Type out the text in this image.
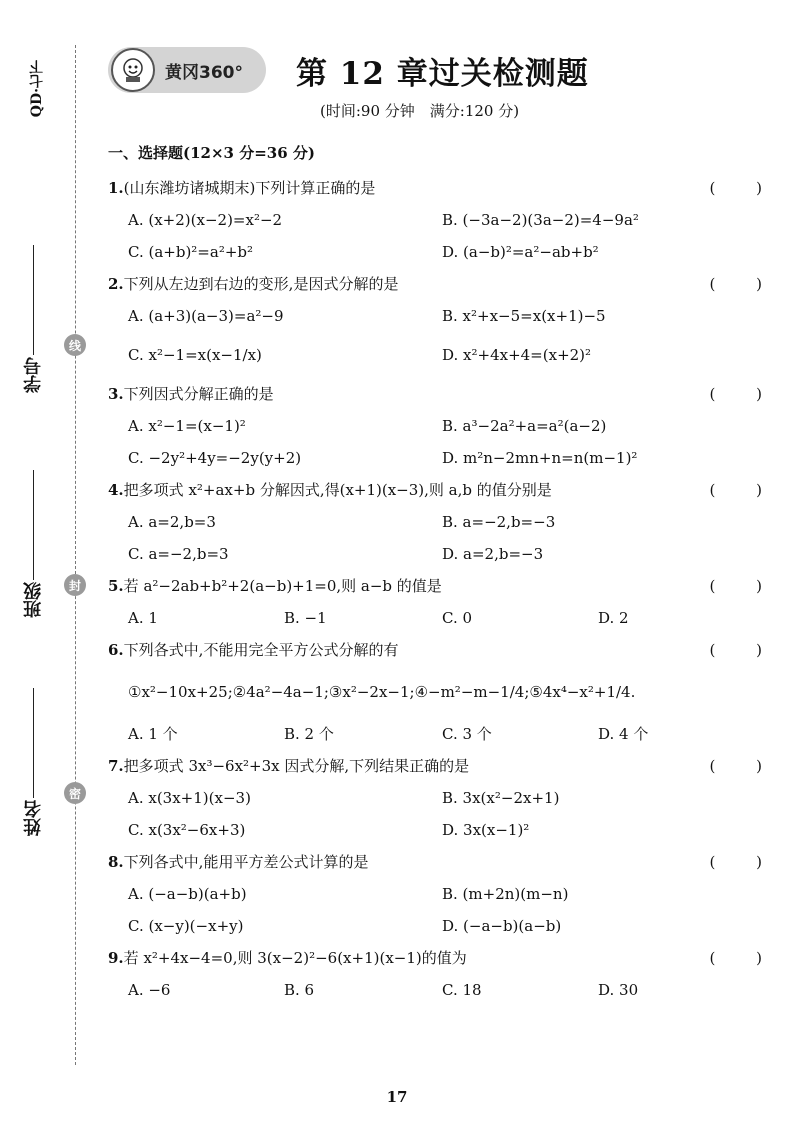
QD·七下
学号
班级
姓名
线
封
密
黄冈360° 第 12 章过关检测题
(时间:90 分钟　满分:120 分)
一、选择题(12×3 分=36 分)
1.(山东潍坊诸城期末)下列计算正确的是	( )
A. (x+2)(x−2)=x²−2	B. (−3a−2)(3a−2)=4−9a²
C. (a+b)²=a²+b²	D. (a−b)²=a²−ab+b²
2.下列从左边到右边的变形,是因式分解的是	( )
A. (a+3)(a−3)=a²−9	B. x²+x−5=x(x+1)−5
C. x²−1=x(x−1/x)	D. x²+4x+4=(x+2)²
3.下列因式分解正确的是	( )
A. x²−1=(x−1)²	B. a³−2a²+a=a²(a−2)
C. −2y²+4y=−2y(y+2)	D. m²n−2mn+n=n(m−1)²
4.把多项式 x²+ax+b 分解因式,得(x+1)(x−3),则 a,b 的值分别是	( )
A. a=2,b=3	B. a=−2,b=−3
C. a=−2,b=3	D. a=2,b=−3
5.若 a²−2ab+b²+2(a−b)+1=0,则 a−b 的值是	( )
A. 1	B. −1	C. 0	D. 2
6.下列各式中,不能用完全平方公式分解的有	( )
①x²−10x+25;②4a²−4a−1;③x²−2x−1;④−m²−m−1/4;⑤4x⁴−x²+1/4.
A. 1 个	B. 2 个	C. 3 个	D. 4 个
7.把多项式 3x³−6x²+3x 因式分解,下列结果正确的是	( )
A. x(3x+1)(x−3)	B. 3x(x²−2x+1)
C. x(3x²−6x+3)	D. 3x(x−1)²
8.下列各式中,能用平方差公式计算的是	( )
A. (−a−b)(a+b)	B. (m+2n)(m−n)
C. (x−y)(−x+y)	D. (−a−b)(a−b)
9.若 x²+4x−4=0,则 3(x−2)²−6(x+1)(x−1)的值为	( )
A. −6	B. 6	C. 18	D. 30
17
